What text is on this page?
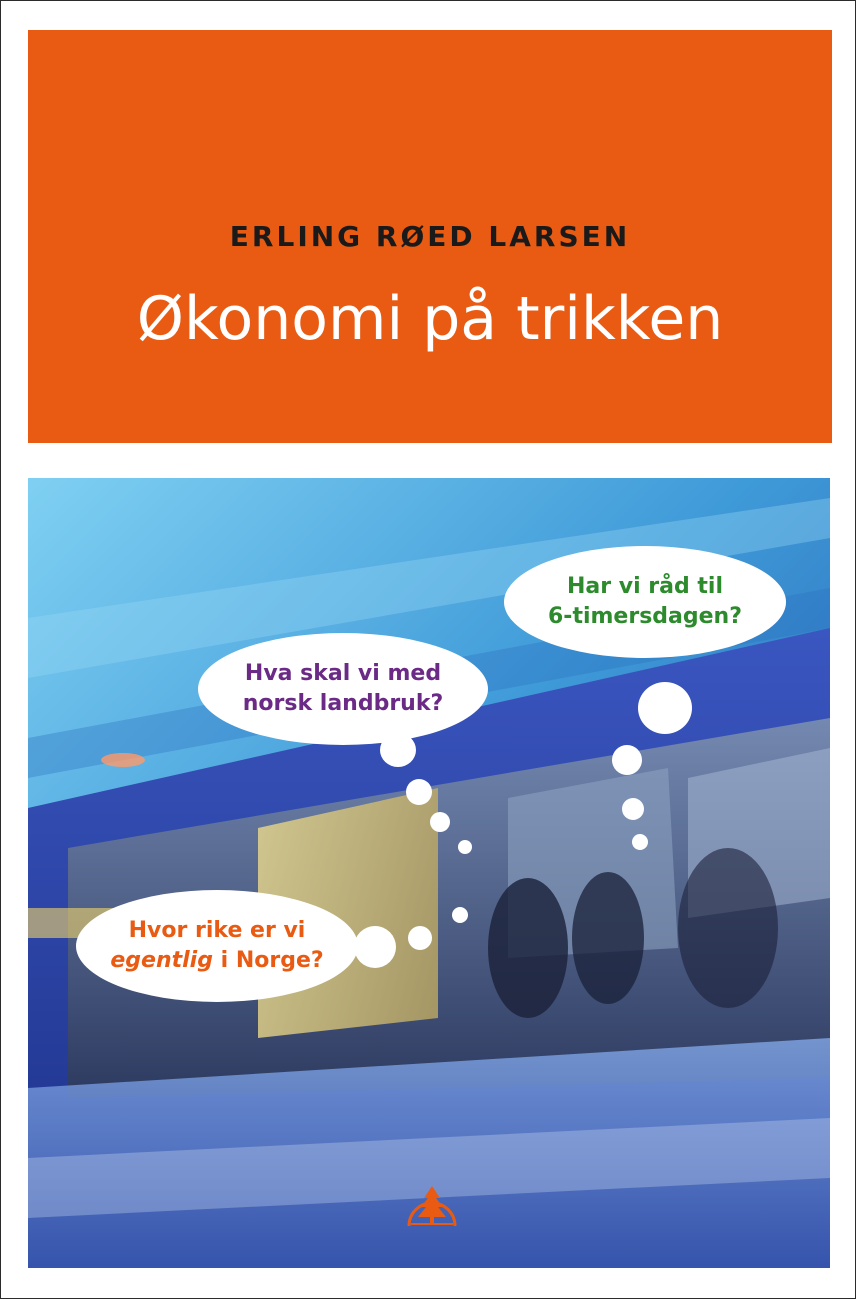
ERLING RØED LARSEN
Økonomi på trikken
Hva skal vi med
norsk landbruk?
Har vi råd til
6-timersdagen?
Hvor rike er vi
egentlig i Norge?
